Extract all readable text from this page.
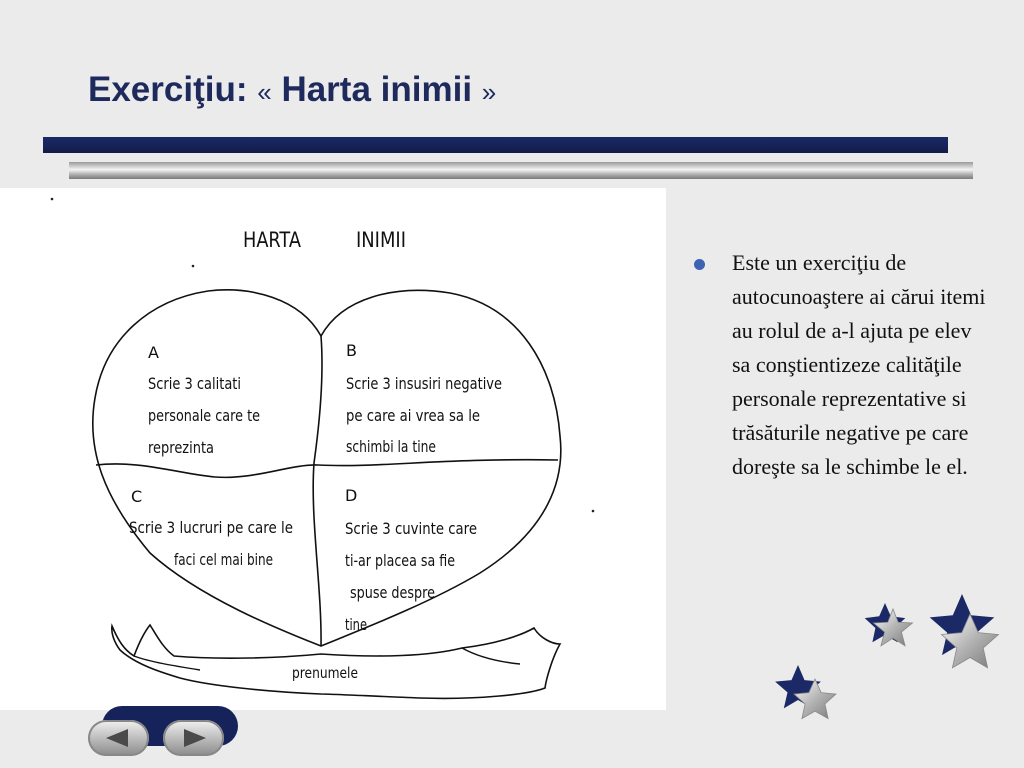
Exerciţiu: « Harta inimii »
HARTA	INIMII
prenumele
A
Scrie 3 calitati
personale care te
reprezinta
B
Scrie 3 insusiri negative
pe care ai vrea sa le
schimbi la tine
C
Scrie 3 lucruri pe care le
faci cel mai bine
D
Scrie 3 cuvinte care
ti-ar placea sa fie
spuse despre
tine
Este un exerciţiu de autocunoaştere ai cărui itemi au rolul de a-l ajuta pe elev sa conştientizeze calităţile personale reprezentative si trăsăturile negative pe care doreşte sa le schimbe le el.
